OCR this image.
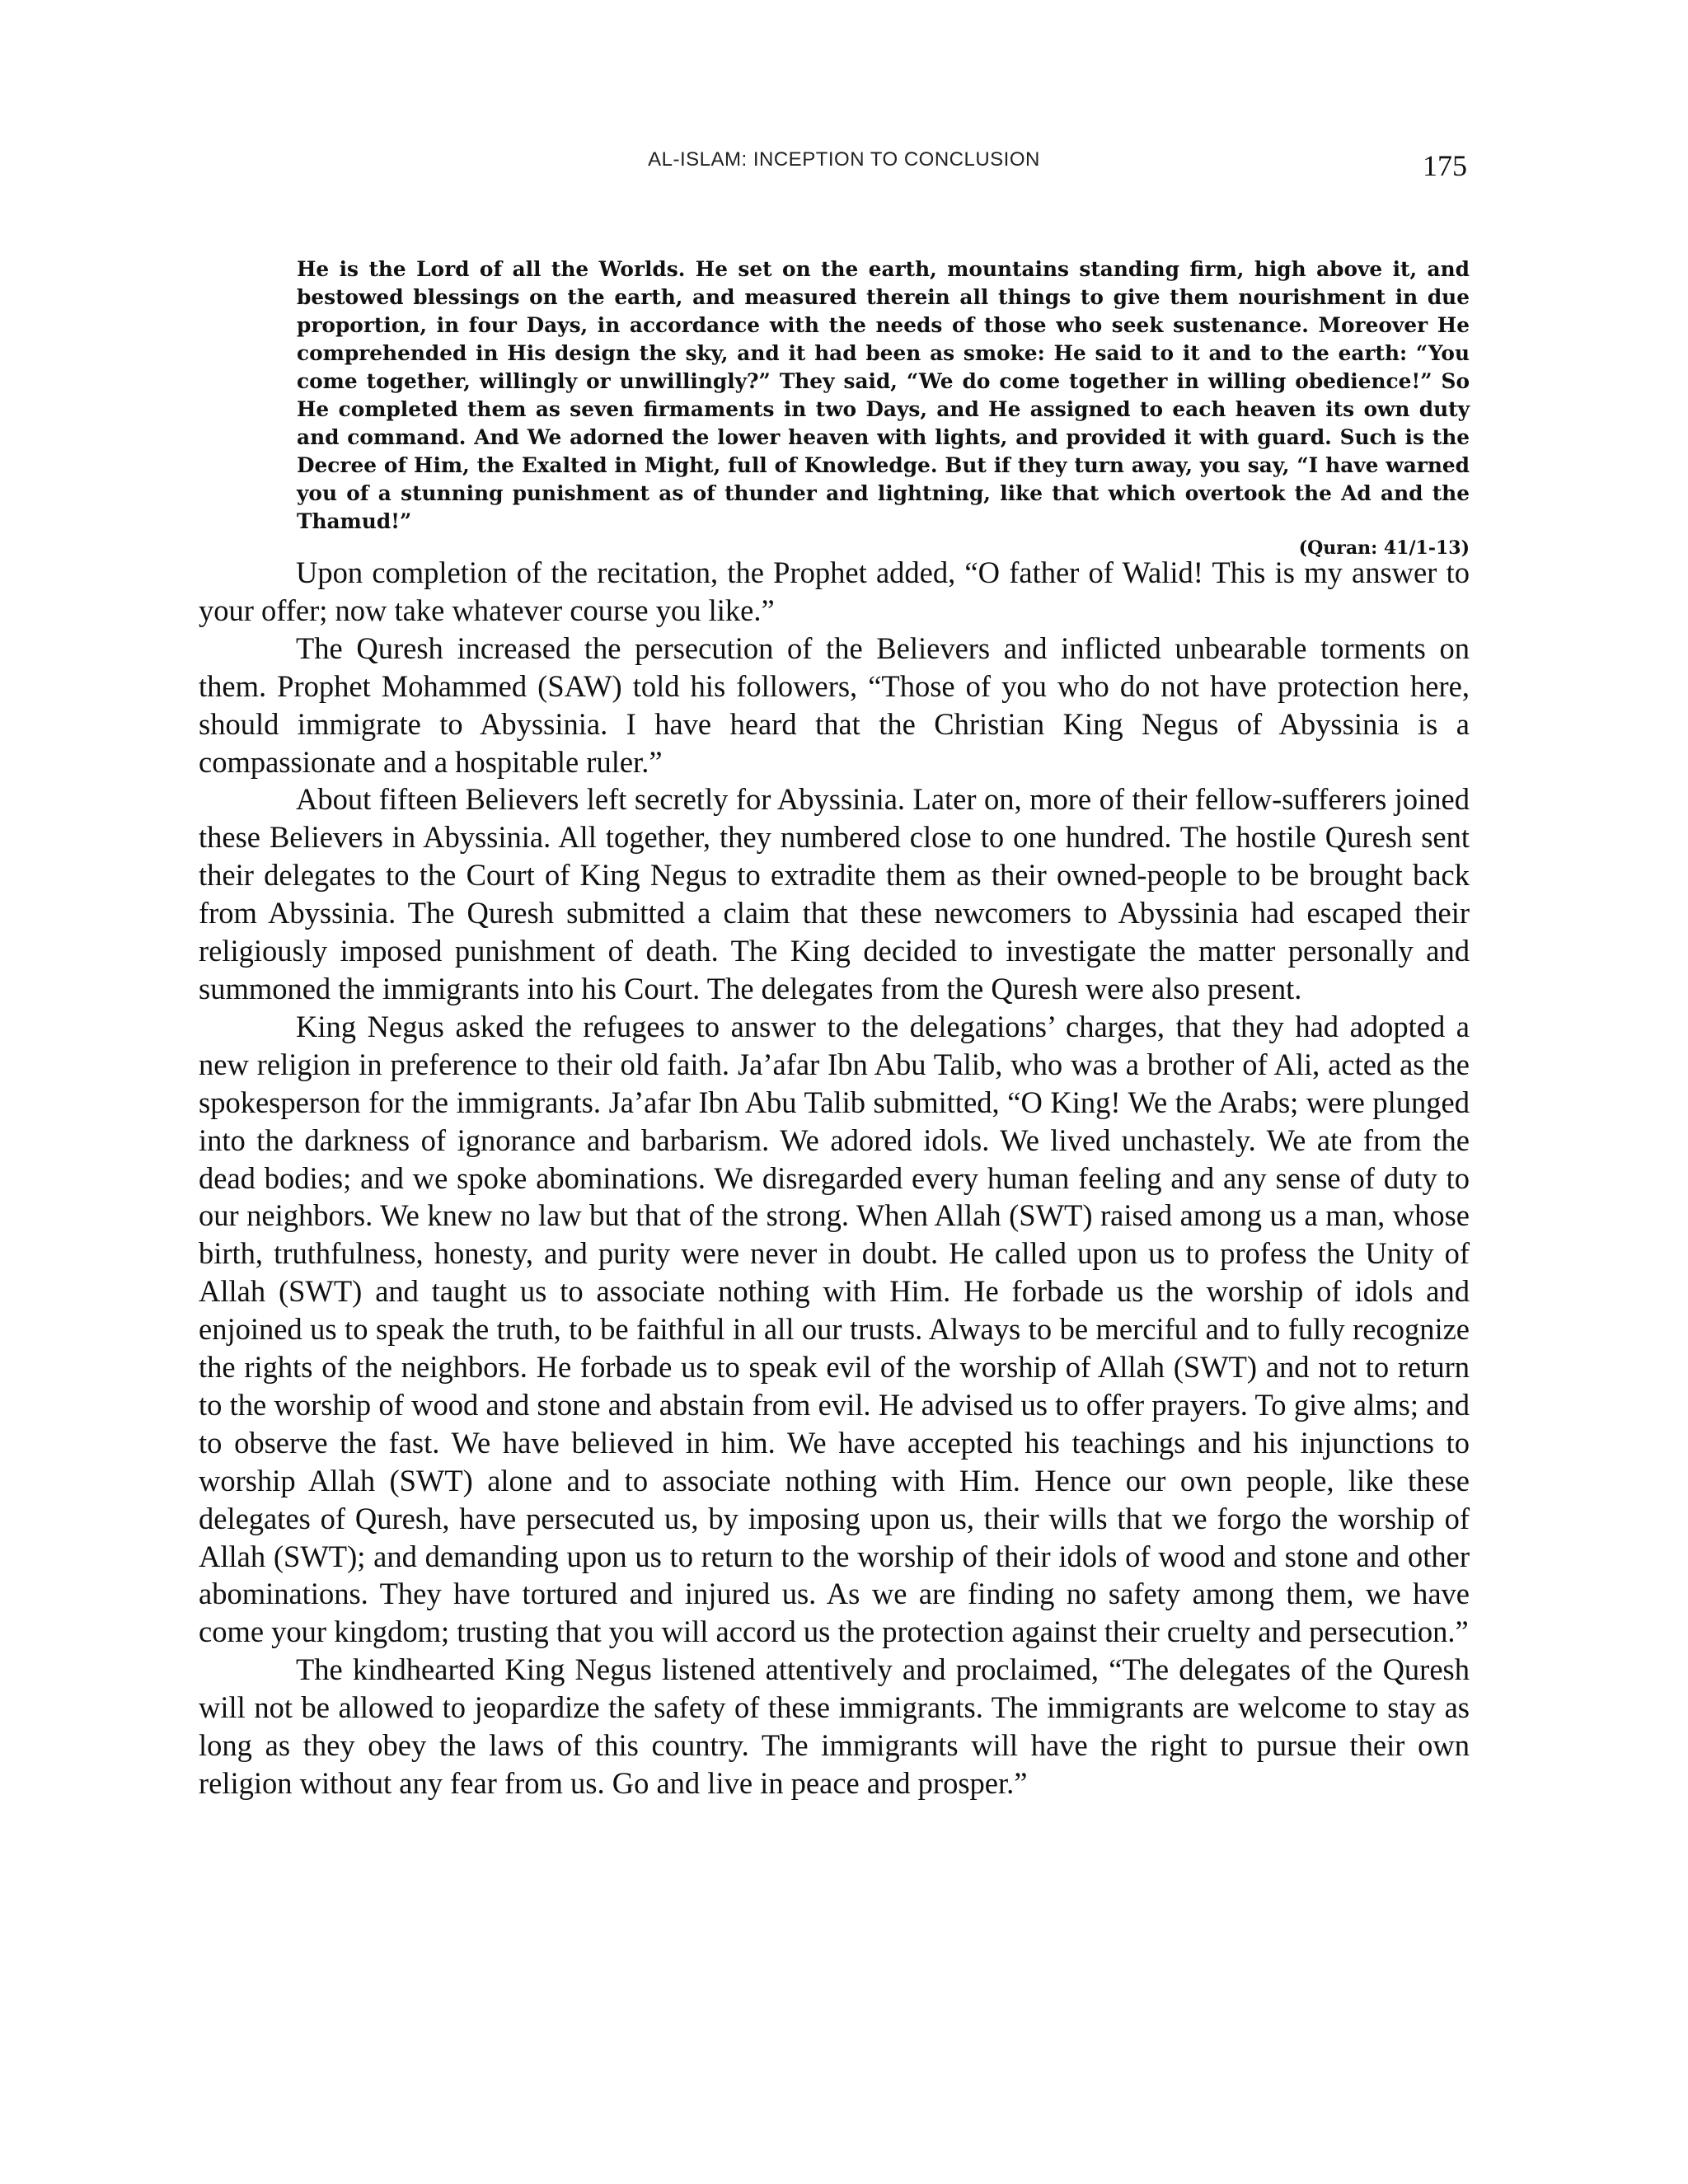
AL-ISLAM: INCEPTION TO CONCLUSION	175

He is the Lord of all the Worlds. He set on the earth, mountains standing firm, high above it, and bestowed blessings on the earth, and measured therein all things to give them nourishment in due proportion, in four Days, in accordance with the needs of those who seek sustenance. Moreover He comprehended in His design the sky, and it had been as smoke: He said to it and to the earth: “You come together, willingly or unwillingly?” They said, “We do come together in willing obedience!” So He completed them as seven firmaments in two Days, and He assigned to each heaven its own duty and command. And We adorned the lower heaven with lights, and provided it with guard. Such is the Decree of Him, the Exalted in Might, full of Knowledge. But if they turn away, you say, “I have warned you of a stunning punishment as of thunder and lightning, like that which overtook the Ad and the Thamud!”

(Quran: 41/1-13)

Upon completion of the recitation, the Prophet added, “O father of Walid! This is my answer to your offer; now take whatever course you like.”

The Quresh increased the persecution of the Believers and inflicted unbearable torments on them. Prophet Mohammed (SAW) told his followers, “Those of you who do not have protection here, should immigrate to Abyssinia. I have heard that the Christian King Negus of Abyssinia is a compassionate and a hospitable ruler.”

About fifteen Believers left secretly for Abyssinia. Later on, more of their fellow-sufferers joined these Believers in Abyssinia. All together, they numbered close to one hundred. The hostile Quresh sent their delegates to the Court of King Negus to extradite them as their owned-people to be brought back from Abyssinia. The Quresh submitted a claim that these newcomers to Abyssinia had escaped their religiously imposed punishment of death. The King decided to investigate the matter personally and summoned the immigrants into his Court. The delegates from the Quresh were also present.

King Negus asked the refugees to answer to the delegations’ charges, that they had adopted a new religion in preference to their old faith. Ja’afar Ibn Abu Talib, who was a brother of Ali, acted as the spokesperson for the immigrants. Ja’afar Ibn Abu Talib submitted, “O King! We the Arabs; were plunged into the darkness of ignorance and barbarism. We adored idols. We lived unchastely. We ate from the dead bodies; and we spoke abominations. We disregarded every human feeling and any sense of duty to our neighbors. We knew no law but that of the strong. When Allah (SWT) raised among us a man, whose birth, truthfulness, honesty, and purity were never in doubt. He called upon us to profess the Unity of Allah (SWT) and taught us to associate nothing with Him. He forbade us the worship of idols and enjoined us to speak the truth, to be faithful in all our trusts. Always to be merciful and to fully recognize the rights of the neighbors. He forbade us to speak evil of the worship of Allah (SWT) and not to return to the worship of wood and stone and abstain from evil. He advised us to offer prayers. To give alms; and to observe the fast. We have believed in him. We have accepted his teachings and his injunctions to worship Allah (SWT) alone and to associate nothing with Him. Hence our own people, like these delegates of Quresh, have persecuted us, by imposing upon us, their wills that we forgo the worship of Allah (SWT); and demanding upon us to return to the worship of their idols of wood and stone and other abominations. They have tortured and injured us. As we are finding no safety among them, we have come your kingdom; trusting that you will accord us the protection against their cruelty and persecution.”

The kindhearted King Negus listened attentively and proclaimed, “The delegates of the Quresh will not be allowed to jeopardize the safety of these immigrants. The immigrants are welcome to stay as long as they obey the laws of this country. The immigrants will have the right to pursue their own religion without any fear from us. Go and live in peace and prosper.”
